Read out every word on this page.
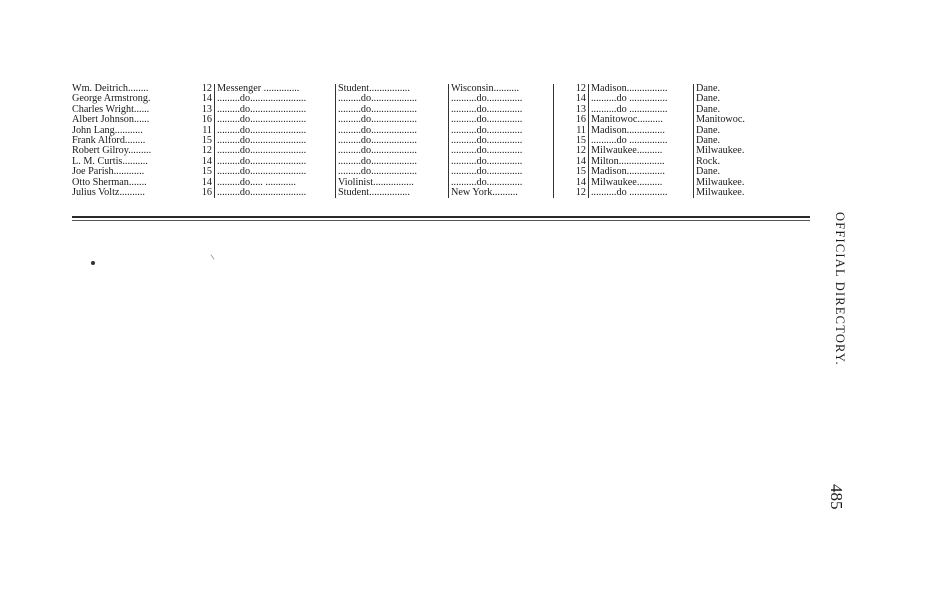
Wm. Deitrich........	12	Messenger ..............	Student................	Wisconsin..........	12	Madison................	Dane.
George Armstrong.	14	.........do......................	.........do..................	..........do..............	14	..........do ...............	Dane.
Charles Wright......	13	.........do......................	.........do..................	..........do..............	13	..........do ...............	Dane.
Albert Johnson......	16	.........do......................	.........do..................	..........do..............	16	Manitowoc..........	Manitowoc.
John Lang...........	11	.........do......................	.........do..................	..........do..............	11	Madison...............	Dane.
Frank Alford........	15	.........do......................	.........do..................	..........do..............	15	..........do ...............	Dane.
Robert Gilroy.........	12	.........do......................	.........do..................	..........do..............	12	Milwaukee..........	Milwaukee.
L. M. Curtis..........	14	.........do......................	.........do..................	..........do..............	14	Milton..................	Rock.
Joe Parish............	15	.........do......................	.........do..................	..........do..............	15	Madison...............	Dane.
Otto Sherman.......	14	.........do..... ............	Violinist................	..........do..............	14	Milwaukee..........	Milwaukee.
Julius Voltz..........	16	.........do......................	Student................	New York..........	12	..........do ...............	Milwaukee.
OFFICIAL DIRECTORY.
485
